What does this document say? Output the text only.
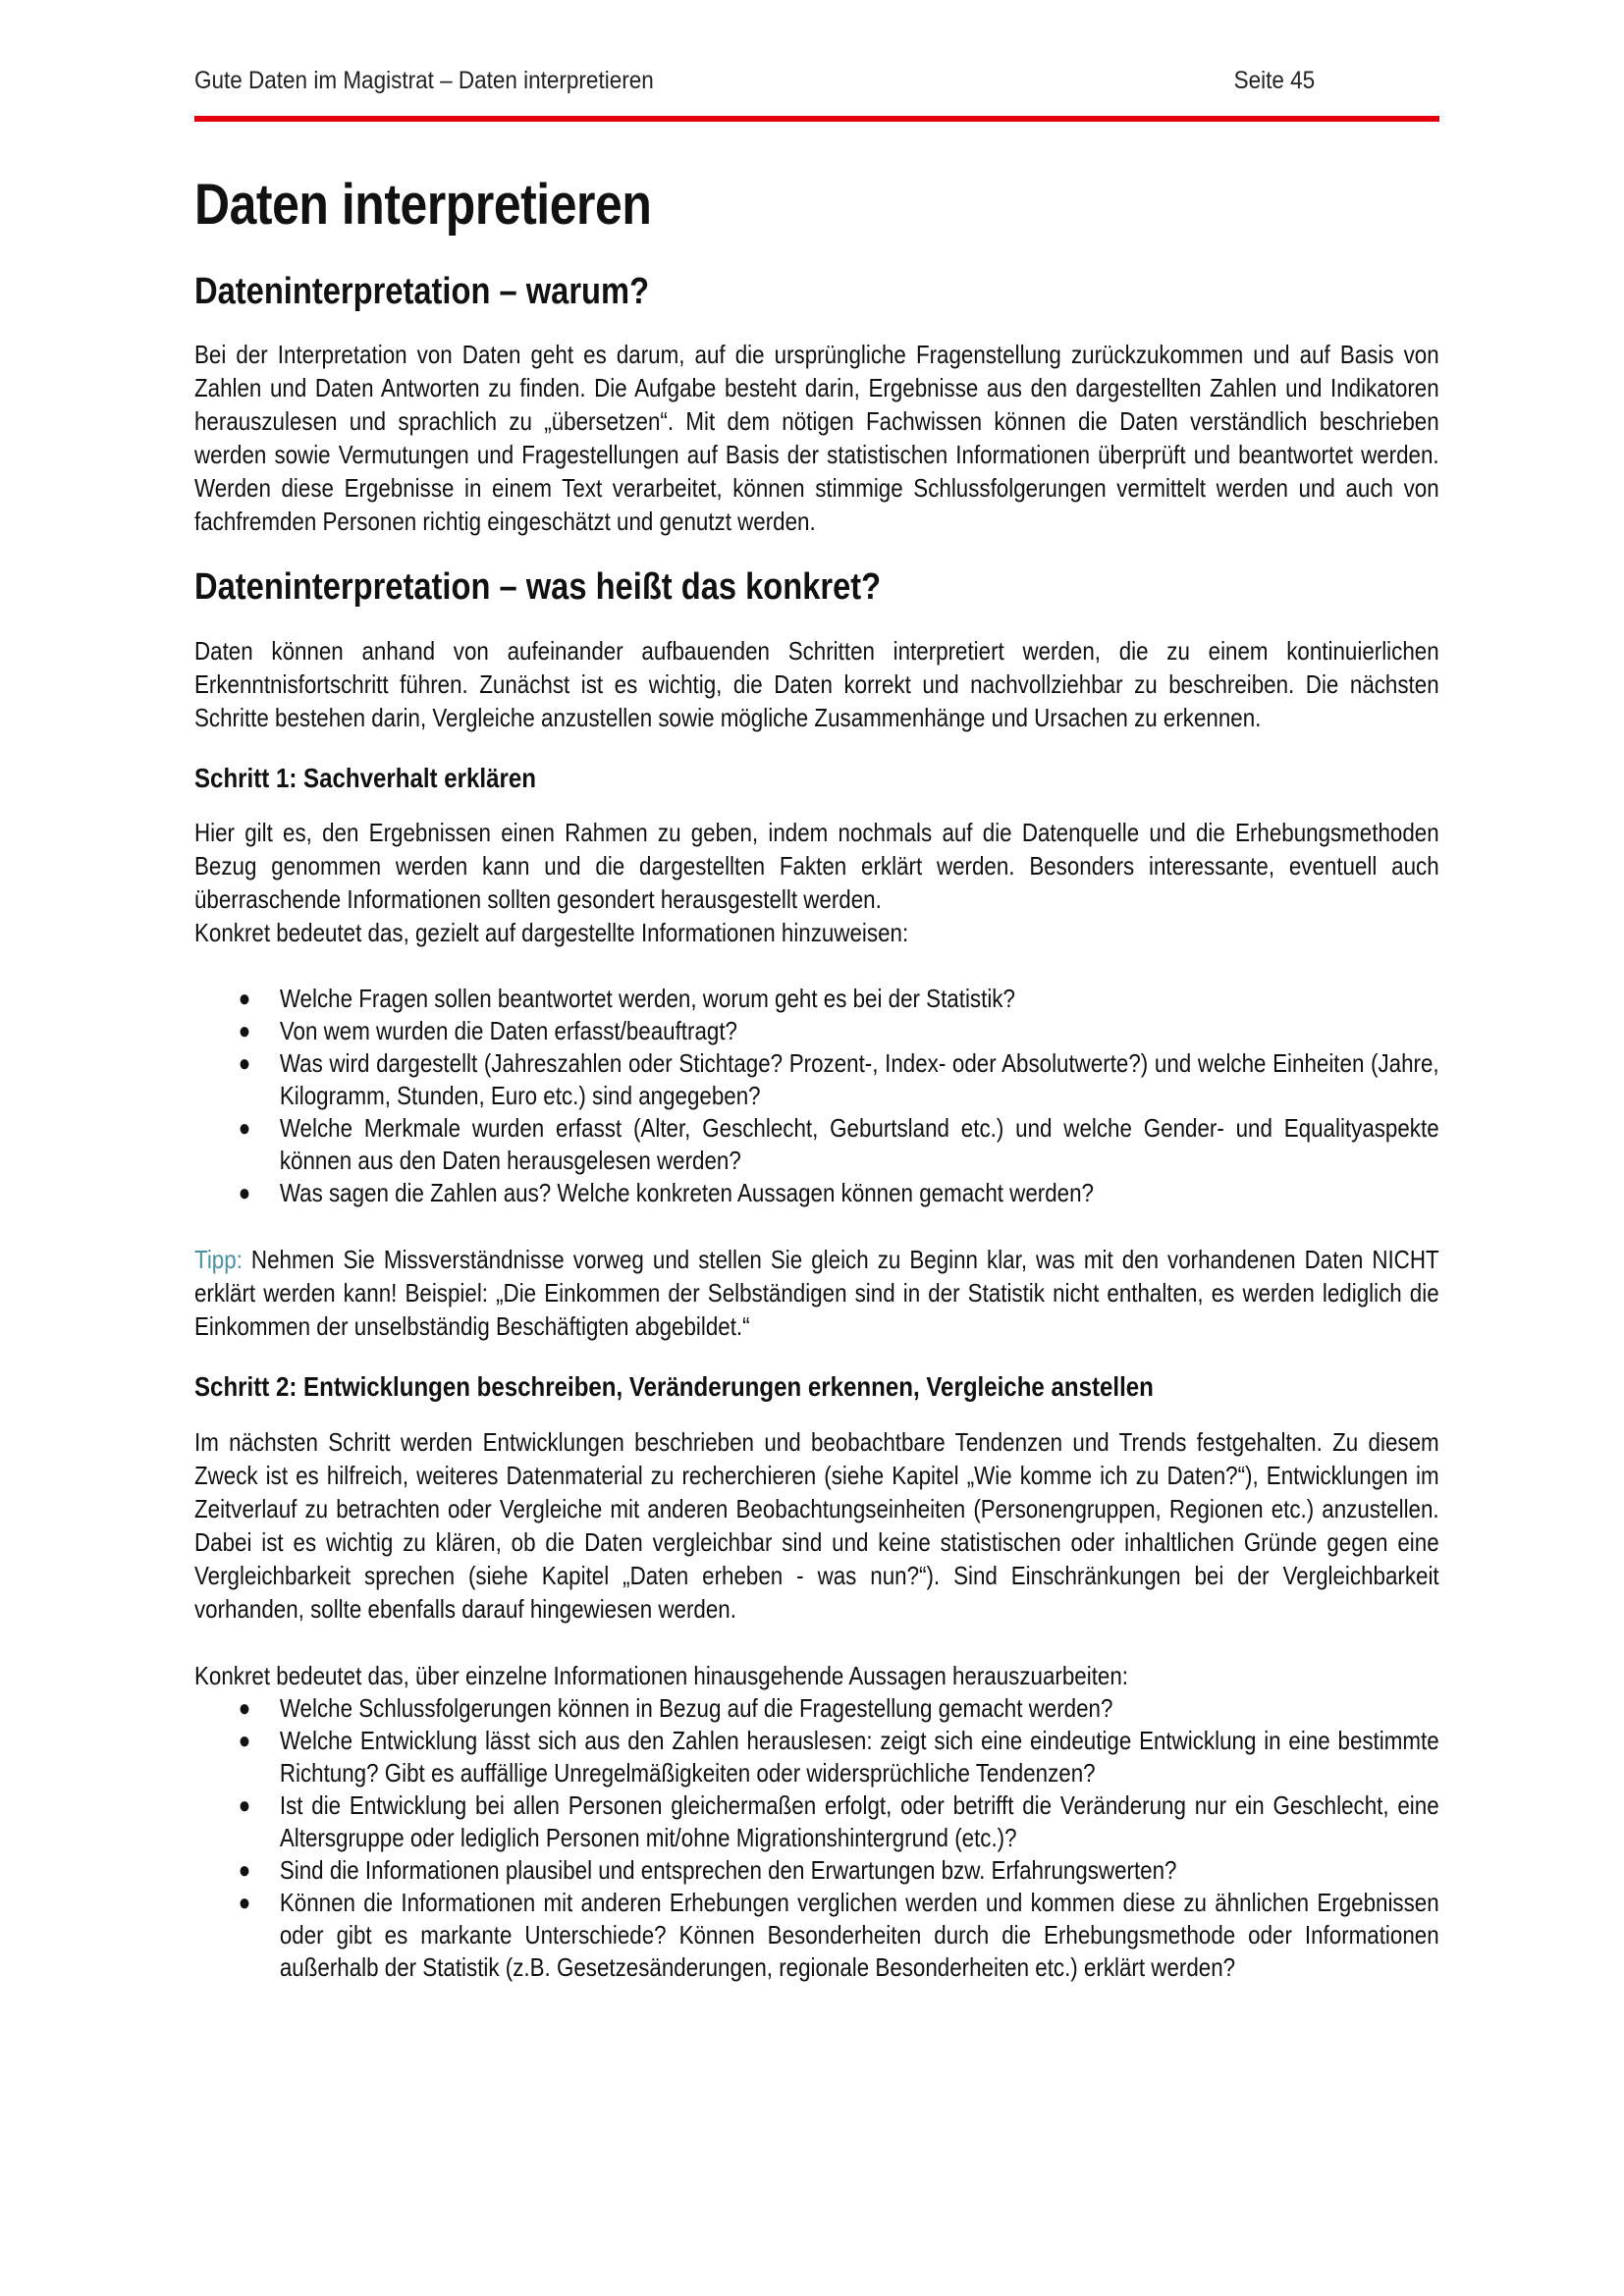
Gute Daten im Magistrat – Daten interpretieren	Seite 45
Daten interpretieren
Dateninterpretation – warum?

Bei der Interpretation von Daten geht es darum, auf die ursprüngliche Fragenstellung zurückzukommen und auf Basis von Zahlen und Daten Antworten zu finden. Die Aufgabe besteht darin, Ergebnisse aus den dargestellten Zahlen und Indikatoren herauszulesen und sprachlich zu „übersetzen“. Mit dem nötigen Fachwissen können die Daten verständlich beschrieben werden sowie Vermutungen und Fragestellungen auf Basis der statistischen Informationen überprüft und beantwortet werden. Werden diese Ergebnisse in einem Text verarbeitet, können stimmige Schlussfolgerungen vermittelt werden und auch von fachfremden Personen richtig eingeschätzt und genutzt werden.

Dateninterpretation – was heißt das konkret?

Daten können anhand von aufeinander aufbauenden Schritten interpretiert werden, die zu einem kontinuierlichen Erkenntnisfortschritt führen. Zunächst ist es wichtig, die Daten korrekt und nachvollziehbar zu beschreiben. Die nächsten Schritte bestehen darin, Vergleiche anzustellen sowie mögliche Zusammenhänge und Ursachen zu erkennen.

Schritt 1: Sachverhalt erklären

Hier gilt es, den Ergebnissen einen Rahmen zu geben, indem nochmals auf die Datenquelle und die Erhebungsmethoden Bezug genommen werden kann und die dargestellten Fakten erklärt werden. Besonders interessante, eventuell auch überraschende Informationen sollten gesondert herausgestellt werden.

Konkret bedeutet das, gezielt auf dargestellte Informationen hinzuweisen:

● Welche Fragen sollen beantwortet werden, worum geht es bei der Statistik?
● Von wem wurden die Daten erfasst/beauftragt?
● Was wird dargestellt (Jahreszahlen oder Stichtage? Prozent-, Index- oder Absolutwerte?) und welche Einheiten (Jahre, Kilogramm, Stunden, Euro etc.) sind angegeben?
● Welche Merkmale wurden erfasst (Alter, Geschlecht, Geburtsland etc.) und welche Gender- und Equalityaspekte können aus den Daten herausgelesen werden?
● Was sagen die Zahlen aus? Welche konkreten Aussagen können gemacht werden?

Tipp: Nehmen Sie Missverständnisse vorweg und stellen Sie gleich zu Beginn klar, was mit den vorhandenen Daten NICHT erklärt werden kann! Beispiel: „Die Einkommen der Selbständigen sind in der Statistik nicht enthalten, es werden lediglich die Einkommen der unselbständig Beschäftigten abgebildet.“

Schritt 2: Entwicklungen beschreiben, Veränderungen erkennen, Vergleiche anstellen

Im nächsten Schritt werden Entwicklungen beschrieben und beobachtbare Tendenzen und Trends festgehalten. Zu diesem Zweck ist es hilfreich, weiteres Datenmaterial zu recherchieren (siehe Kapitel „Wie komme ich zu Daten?“), Entwicklungen im Zeitverlauf zu betrachten oder Vergleiche mit anderen Beobachtungseinheiten (Personengruppen, Regionen etc.) anzustellen. Dabei ist es wichtig zu klären, ob die Daten vergleichbar sind und keine statistischen oder inhaltlichen Gründe gegen eine Vergleichbarkeit sprechen (siehe Kapitel „Daten erheben - was nun?“). Sind Einschränkungen bei der Vergleichbarkeit vorhanden, sollte ebenfalls darauf hingewiesen werden.

Konkret bedeutet das, über einzelne Informationen hinausgehende Aussagen herauszuarbeiten:

● Welche Schlussfolgerungen können in Bezug auf die Fragestellung gemacht werden?
● Welche Entwicklung lässt sich aus den Zahlen herauslesen: zeigt sich eine eindeutige Entwicklung in eine bestimmte Richtung? Gibt es auffällige Unregelmäßigkeiten oder widersprüchliche Tendenzen?
● Ist die Entwicklung bei allen Personen gleichermaßen erfolgt, oder betrifft die Veränderung nur ein Geschlecht, eine Altersgruppe oder lediglich Personen mit/ohne Migrationshintergrund (etc.)?
● Sind die Informationen plausibel und entsprechen den Erwartungen bzw. Erfahrungswerten?
● Können die Informationen mit anderen Erhebungen verglichen werden und kommen diese zu ähnlichen Ergebnissen oder gibt es markante Unterschiede? Können Besonderheiten durch die Erhebungsmethode oder Informationen außerhalb der Statistik (z.B. Gesetzesänderungen, regionale Besonderheiten etc.) erklärt werden?
